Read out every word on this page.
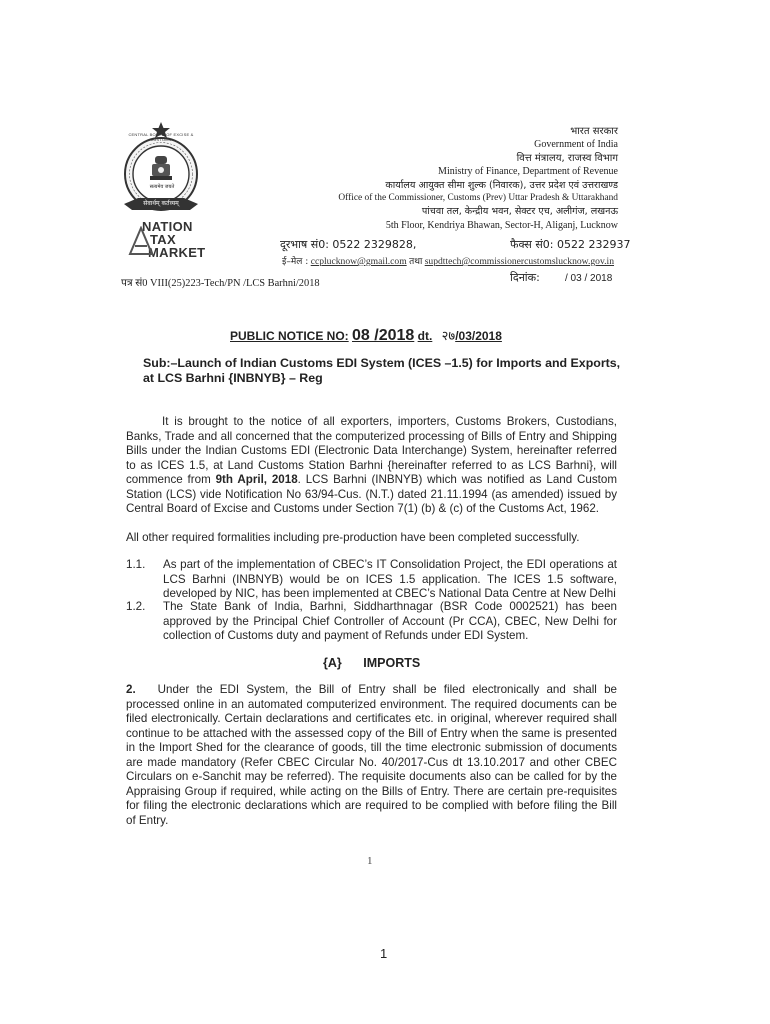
सत्यमेव जयते
CENTRAL BOARD OF EXCISE & CUSTOMS
सेवार्थम् कर्तव्यम्
NATION
TAX
MARKET
भारत सरकार
Government of India
वित्त मंत्रालय, राजस्व विभाग
Ministry of Finance, Department of Revenue
कार्यालय आयुक्त सीमा शुल्क (निवारक), उत्तर प्रदेश एवं उत्तराखण्ड
Office of the Commissioner, Customs (Prev) Uttar Pradesh & Uttarakhand
पांचवा तल, केन्द्रीय भवन, सेक्टर एच, अलीगंज, लखनऊ
5th Floor, Kendriya Bhawan, Sector-H, Aliganj, Lucknow
दूरभाष सं0: 0522 2329828,	फैक्स सं0: 0522 232937
ई–मेल : ccplucknow@gmail.com तथा supdttech@commissionercustomslucknow.gov.in
पत्र सं0 VIII(25)223-Tech/PN /LCS Barhni/2018	दिनांक:	/ 03 / 2018
PUBLIC NOTICE NO: 08 /2018 dt. २७/03/2018
Sub:–Launch of Indian Customs EDI System (ICES –1.5) for Imports and Exports, at LCS Barhni {INBNYB} – Reg
It is brought to the notice of all exporters, importers, Customs Brokers, Custodians, Banks, Trade and all concerned that the computerized processing of Bills of Entry and Shipping Bills under the Indian Customs EDI (Electronic Data Interchange) System, hereinafter referred to as ICES 1.5, at Land Customs Station Barhni {hereinafter referred to as LCS Barhni}, will commence from 9th April, 2018. LCS Barhni (INBNYB) which was notified as Land Custom Station (LCS) vide Notification No 63/94-Cus. (N.T.) dated 21.11.1994 (as amended) issued by Central Board of Excise and Customs under Section 7(1) (b) & (c) of the Customs Act, 1962.
All other required formalities including pre-production have been completed successfully.
1.1. As part of the implementation of CBEC’s IT Consolidation Project, the EDI operations at LCS Barhni (INBNYB) would be on ICES 1.5 application. The ICES 1.5 software, developed by NIC, has been implemented at CBEC’s National Data Centre at New Delhi
1.2. The State Bank of India, Barhni, Siddharthnagar (BSR Code 0002521) has been approved by the Principal Chief Controller of Account (Pr CCA), CBEC, New Delhi for collection of Customs duty and payment of Refunds under EDI System.
{A} IMPORTS
2. Under the EDI System, the Bill of Entry shall be filed electronically and shall be processed online in an automated computerized environment. The required documents can be filed electronically. Certain declarations and certificates etc. in original, wherever required shall continue to be attached with the assessed copy of the Bill of Entry when the same is presented in the Import Shed for the clearance of goods, till the time electronic submission of documents are made mandatory (Refer CBEC Circular No. 40/2017-Cus dt 13.10.2017 and other CBEC Circulars on e-Sanchit may be referred). The requisite documents also can be called for by the Appraising Group if required, while acting on the Bills of Entry. There are certain pre-requisites for filing the electronic declarations which are required to be complied with before filing the Bill of Entry.
1
1
